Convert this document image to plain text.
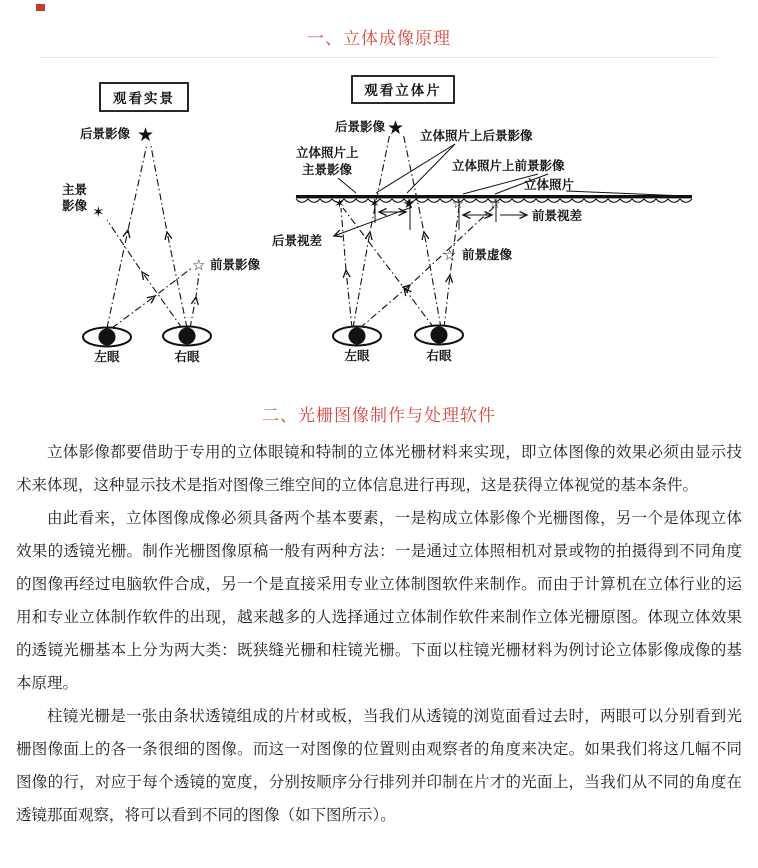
一、立体成像原理
观看实景
后景影像 ★
主景
影像 ✶
☆ 前景影像
左眼	右眼
观看立体片
后景影像 ★ 立体照片上后景影像
立体照片上
主景影像	立体照片上前景影像
立体照片
✶ ✶ ★	☆ ☆
后景视差
前景视差
☆ 前景虚像
左眼	右眼
二、光栅图像制作与处理软件

立体影像都要借助于专用的立体眼镜和特制的立体光栅材料来实现，即立体图像的效果必须由显示技术来体现，这种显示技术是指对图像三维空间的立体信息进行再现，这是获得立体视觉的基本条件。

由此看来，立体图像成像必须具备两个基本要素，一是构成立体影像个光栅图像，另一个是体现立体效果的透镜光栅。制作光栅图像原稿一般有两种方法：一是通过立体照相机对景或物的拍摄得到不同角度的图像再经过电脑软件合成，另一个是直接采用专业立体制图软件来制作。而由于计算机在立体行业的运用和专业立体制作软件的出现，越来越多的人选择通过立体制作软件来制作立体光栅原图。体现立体效果的透镜光栅基本上分为两大类：既狭缝光栅和柱镜光栅。下面以柱镜光栅材料为例讨论立体影像成像的基本原理。

柱镜光栅是一张由条状透镜组成的片材或板，当我们从透镜的浏览面看过去时，两眼可以分别看到光栅图像面上的各一条很细的图像。而这一对图像的位置则由观察者的角度来决定。如果我们将这几幅不同图像的行，对应于每个透镜的宽度，分别按顺序分行排列并印制在片才的光面上，当我们从不同的角度在透镜那面观察，将可以看到不同的图像（如下图所示）。
